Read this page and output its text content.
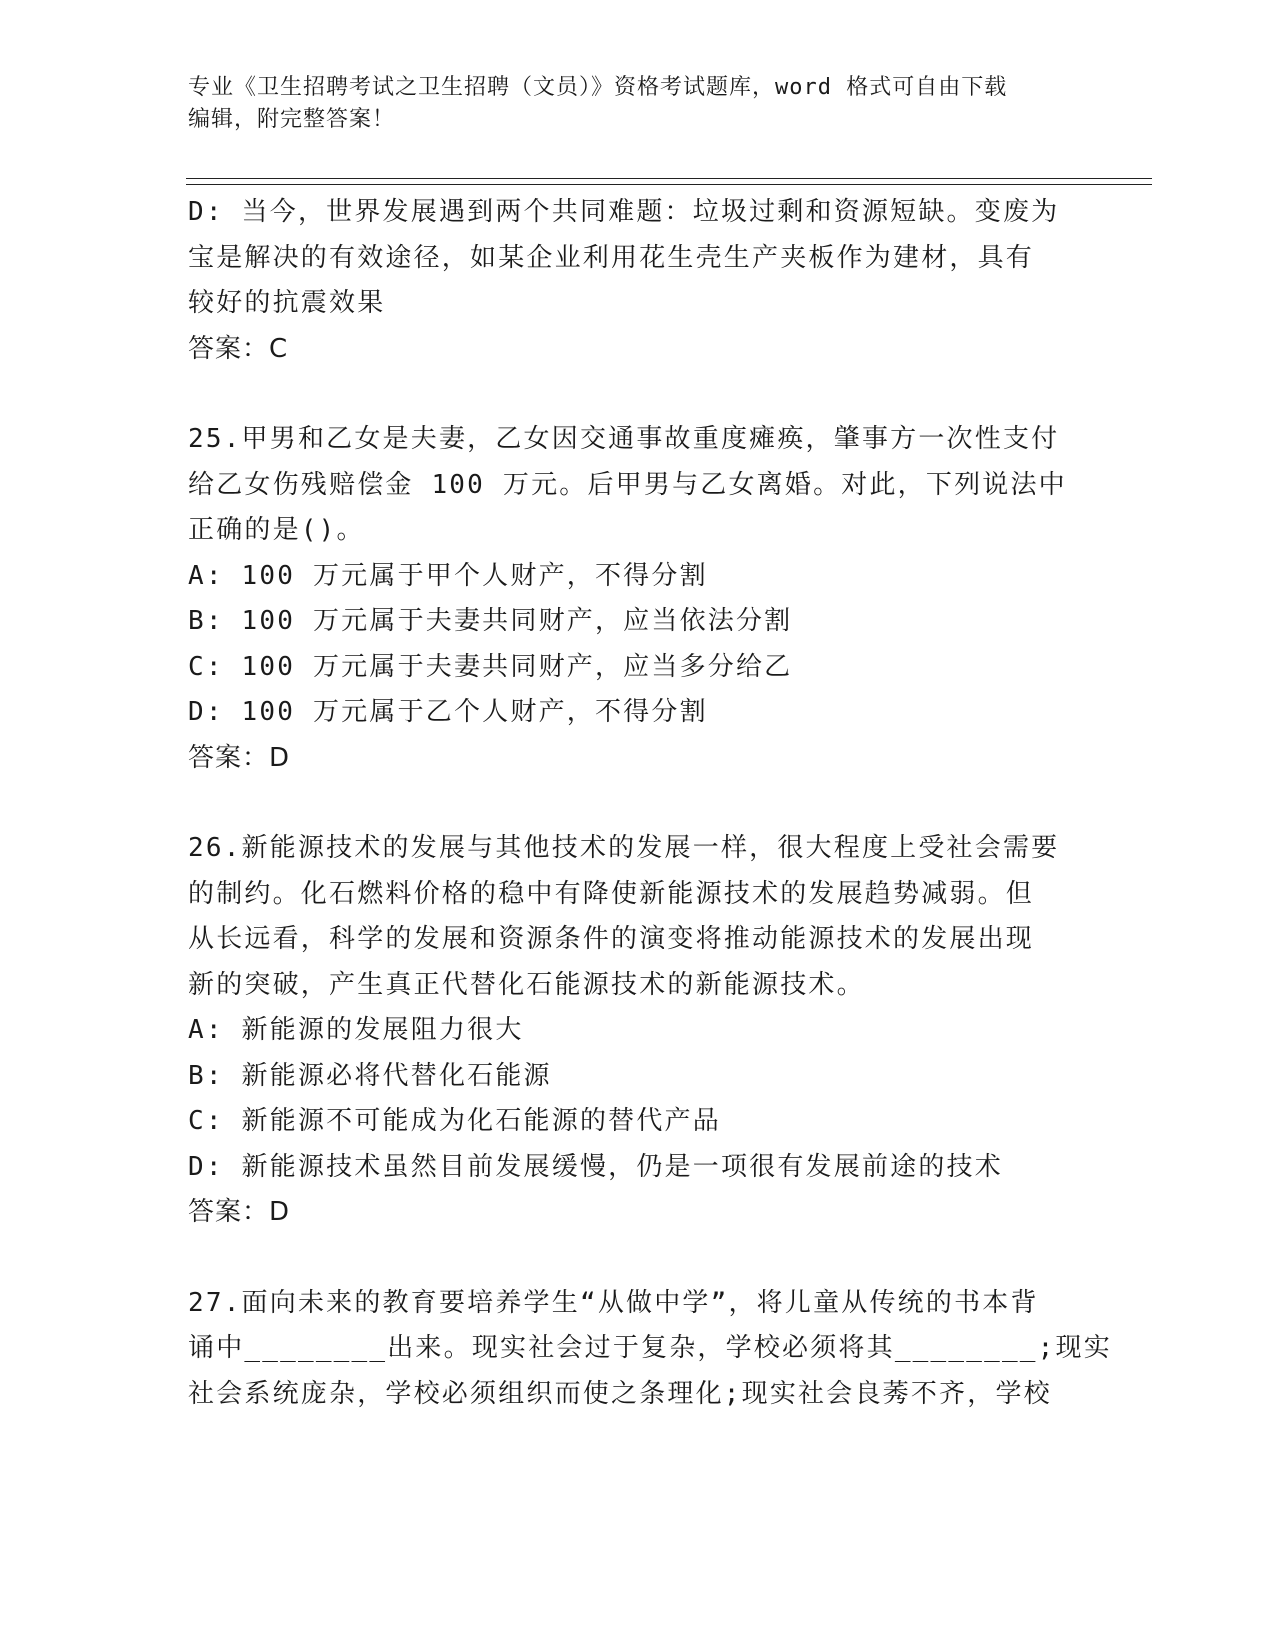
专业《卫生招聘考试之卫生招聘（文员）》资格考试题库，word 格式可自由下载
编辑，附完整答案！
D: 当今，世界发展遇到两个共同难题：垃圾过剩和资源短缺。变废为
宝是解决的有效途径，如某企业利用花生壳生产夹板作为建材，具有
较好的抗震效果
答案：C
25.甲男和乙女是夫妻，乙女因交通事故重度瘫痪，肇事方一次性支付
给乙女伤残赔偿金 100 万元。后甲男与乙女离婚。对此，下列说法中
正确的是()。
A: 100 万元属于甲个人财产，不得分割
B: 100 万元属于夫妻共同财产，应当依法分割
C: 100 万元属于夫妻共同财产，应当多分给乙
D: 100 万元属于乙个人财产，不得分割
答案：D
26.新能源技术的发展与其他技术的发展一样，很大程度上受社会需要
的制约。化石燃料价格的稳中有降使新能源技术的发展趋势减弱。但
从长远看，科学的发展和资源条件的演变将推动能源技术的发展出现
新的突破，产生真正代替化石能源技术的新能源技术。
A: 新能源的发展阻力很大
B: 新能源必将代替化石能源
C: 新能源不可能成为化石能源的替代产品
D: 新能源技术虽然目前发展缓慢，仍是一项很有发展前途的技术
答案：D
27.面向未来的教育要培养学生“从做中学”，将儿童从传统的书本背
诵中________出来。现实社会过于复杂，学校必须将其________;现实
社会系统庞杂，学校必须组织而使之条理化;现实社会良莠不齐，学校
